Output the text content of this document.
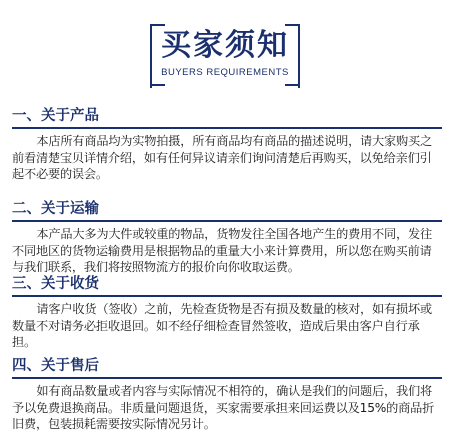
买家须知
BUYERS REQUIREMENTS
一、关于产品
本店所有商品均为实物拍摄，所有商品均有商品的描述说明，请大家购买之前看清楚宝贝详情介绍，如有任何异议请亲们询问清楚后再购买，以免给亲们引起不必要的误会。
二、关于运输
本产品大多为大件或较重的物品，货物发往全国各地产生的费用不同，发往不同地区的货物运输费用是根据物品的重量大小来计算费用，所以您在购买前请与我们联系，我们将按照物流方的报价向你收取运费。
三、关于收货
请客户收货（签收）之前，先检查货物是否有损及数量的核对，如有损坏或数量不对请务必拒收退回。如不经仔细检查冒然签收，造成后果由客户自行承担。
四、关于售后
如有商品数量或者内容与实际情况不相符的，确认是我们的问题后，我们将予以免费退换商品。非质量问题退货，买家需要承担来回运费以及15%的商品折旧费，包装损耗需要按实际情况另计。
